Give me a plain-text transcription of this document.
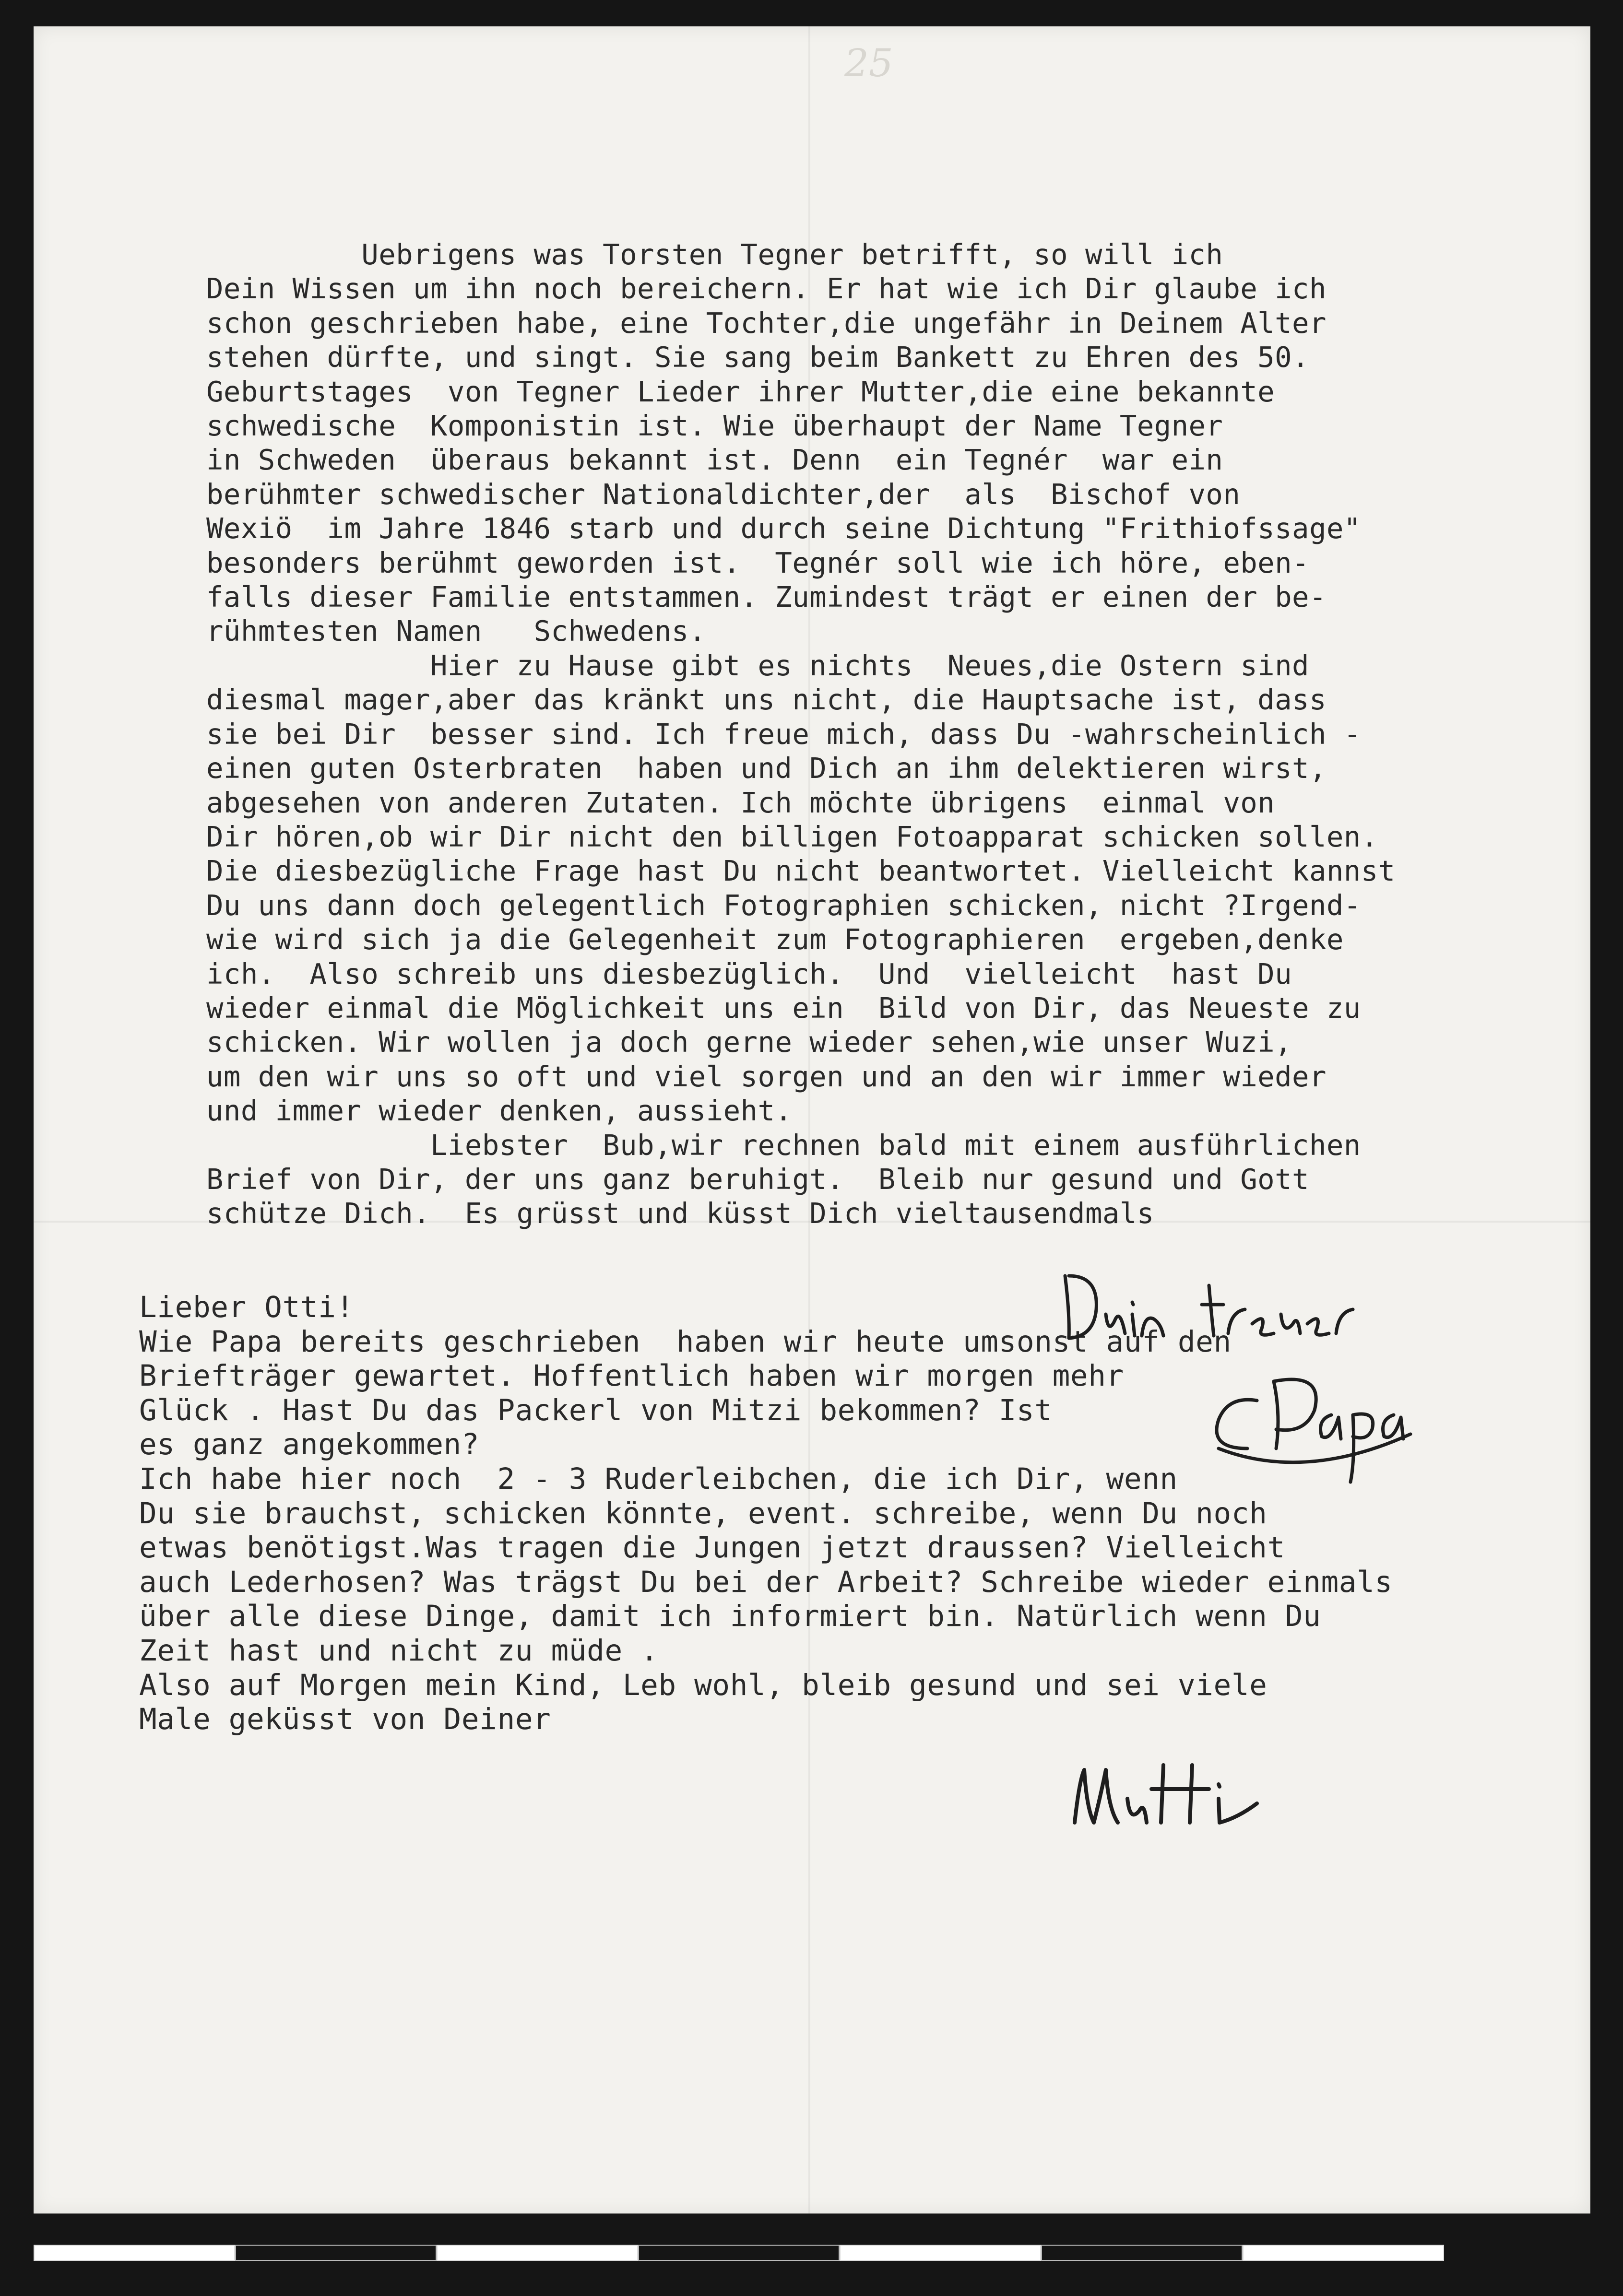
25
Uebrigens was Torsten Tegner betrifft, so will ich
Dein Wissen um ihn noch bereichern. Er hat wie ich Dir glaube ich
schon geschrieben habe, eine Tochter,die ungefähr in Deinem Alter
stehen dürfte, und singt. Sie sang beim Bankett zu Ehren des 50.
Geburtstages  von Tegner Lieder ihrer Mutter,die eine bekannte
schwedische  Komponistin ist. Wie überhaupt der Name Tegner
in Schweden  überaus bekannt ist. Denn  ein Tegnér  war ein
berühmter schwedischer Nationaldichter,der  als  Bischof von
Wexiö  im Jahre 1846 starb und durch seine Dichtung "Frithiofssage"
besonders berühmt geworden ist.  Tegnér soll wie ich höre, eben-
falls dieser Familie entstammen. Zumindest trägt er einen der be-
rühmtesten Namen   Schwedens.
Hier zu Hause gibt es nichts  Neues,die Ostern sind
diesmal mager,aber das kränkt uns nicht, die Hauptsache ist, dass
sie bei Dir  besser sind. Ich freue mich, dass Du -wahrscheinlich -
einen guten Osterbraten  haben und Dich an ihm delektieren wirst,
abgesehen von anderen Zutaten. Ich möchte übrigens  einmal von
Dir hören,ob wir Dir nicht den billigen Fotoapparat schicken sollen.
Die diesbezügliche Frage hast Du nicht beantwortet. Vielleicht kannst
Du uns dann doch gelegentlich Fotographien schicken, nicht ?Irgend-
wie wird sich ja die Gelegenheit zum Fotographieren  ergeben,denke
ich.  Also schreib uns diesbezüglich.  Und  vielleicht  hast Du
wieder einmal die Möglichkeit uns ein  Bild von Dir, das Neueste zu
schicken. Wir wollen ja doch gerne wieder sehen,wie unser Wuzi,
um den wir uns so oft und viel sorgen und an den wir immer wieder
und immer wieder denken, aussieht.
Liebster  Bub,wir rechnen bald mit einem ausführlichen
Brief von Dir, der uns ganz beruhigt.  Bleib nur gesund und Gott
schütze Dich.  Es grüsst und küsst Dich vieltausendmals
Lieber Otti!
Wie Papa bereits geschrieben  haben wir heute umsonst auf den
Briefträger gewartet. Hoffentlich haben wir morgen mehr
Glück . Hast Du das Packerl von Mitzi bekommen? Ist
es ganz angekommen?
Ich habe hier noch  2 - 3 Ruderleibchen, die ich Dir, wenn
Du sie brauchst, schicken könnte, event. schreibe, wenn Du noch
etwas benötigst.Was tragen die Jungen jetzt draussen? Vielleicht
auch Lederhosen? Was trägst Du bei der Arbeit? Schreibe wieder einmals
über alle diese Dinge, damit ich informiert bin. Natürlich wenn Du
Zeit hast und nicht zu müde .
Also auf Morgen mein Kind, Leb wohl, bleib gesund und sei viele
Male geküsst von Deiner
